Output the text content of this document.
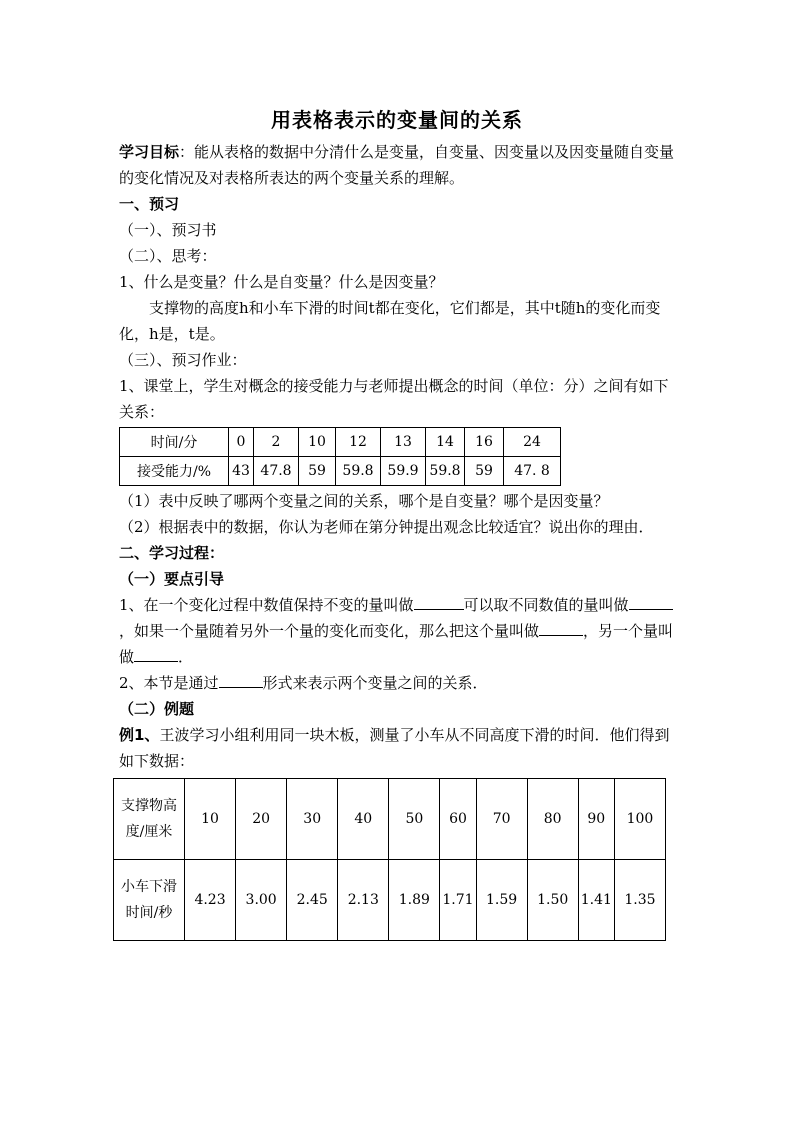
用表格表示的变量间的关系

学习目标：能从表格的数据中分清什么是变量，自变量、因变量以及因变量随自变量的变化情况及对表格所表达的两个变量关系的理解。

一、预习

（一）、预习书

（二）、思考：

1、什么是变量？什么是自变量？什么是因变量？

支撑物的高度h和小车下滑的时间t都在变化，它们都是，其中t随h的变化而变化，h是，t是。

（三）、预习作业：

1、课堂上，学生对概念的接受能力与老师提出概念的时间（单位：分）之间有如下关系：

时间/分	0	2	10	12	13	14	16	24
接受能力/%	43	47.8	59	59.8	59.9	59.8	59	47. 8

（1）表中反映了哪两个变量之间的关系，哪个是自变量？哪个是因变量？

（2）根据表中的数据，你认为老师在第分钟提出观念比较适宜？说出你的理由．

二、学习过程：

（一）要点引导

1、在一个变化过程中数值保持不变的量叫做	可以取不同数值的量叫做，如果一个量随着另外一个量的变化而变化，那么把这个量叫做	，另一个量叫做	．

2、本节是通过	形式来表示两个变量之间的关系．

（二）例题

例1、王波学习小组利用同一块木板，测量了小车从不同高度下滑的时间．他们得到如下数据：

支撑物高度/厘米	10	20	30	40	50	60	70	80	90	100
小车下滑时间/秒	4.23	3.00	2.45	2.13	1.89	1.71	1.59	1.50	1.41	1.35
